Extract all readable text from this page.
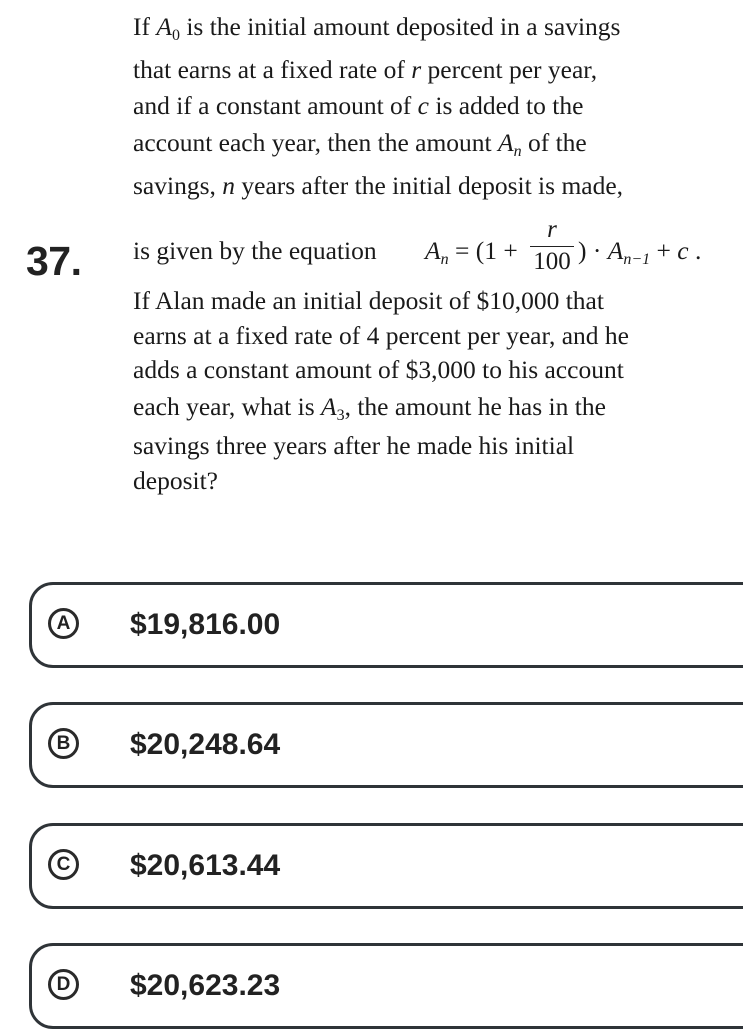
37.
If $A_0$ is the initial amount deposited in a savings
that earns at a fixed rate of r percent per year,
and if a constant amount of c is added to the
account each year, then the amount $A_n$ of the
savings, n years after the initial deposit is made,
is given by the equation $A_n = (1$ +
r
100 ) · $A_{n-1} + c$ .
If Alan made an initial deposit of $10,000 that
earns at a fixed rate of 4 percent per year, and he
adds a constant amount of $3,000 to his account
each year, what is $A_3$, the amount he has in the
savings three years after he made his initial
deposit?
A $19,816.00
B $20,248.64
C $20,613.44
D $20,623.23
